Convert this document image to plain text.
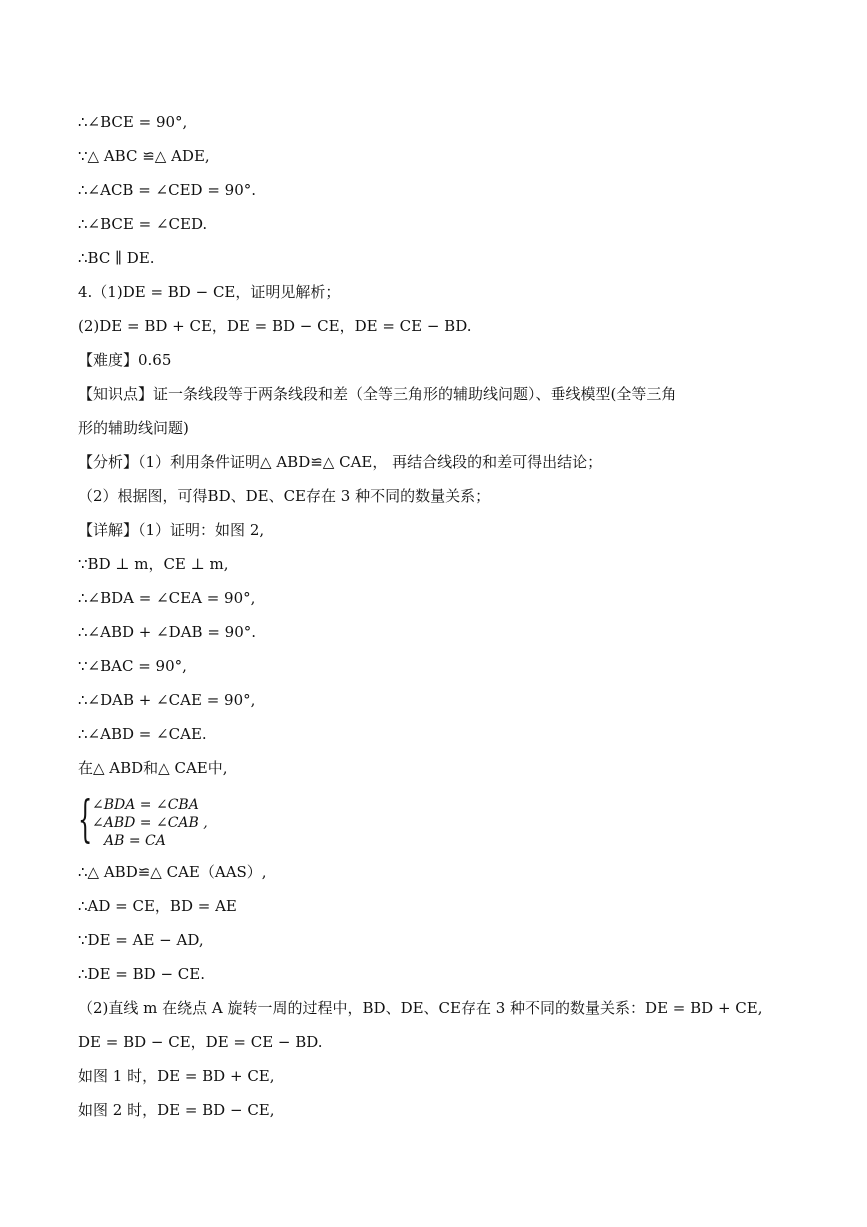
∴∠BCE = 90°,
∵△ ABC ≌△ ADE,
∴∠ACB = ∠CED = 90°.
∴∠BCE = ∠CED.
∴BC ∥ DE.
4.（1)DE = BD − CE，证明见解析；
(2)DE = BD + CE，DE = BD − CE，DE = CE − BD.
【难度】0.65
【知识点】证一条线段等于两条线段和差（全等三角形的辅助线问题）、垂线模型(全等三角
形的辅助线问题)
【分析】（1）利用条件证明△ ABD≌△ CAE， 再结合线段的和差可得出结论；
（2）根据图，可得BD、DE、CE存在 3 种不同的数量关系；
【详解】（1）证明：如图 2,
∵BD ⊥ m，CE ⊥ m,
∴∠BDA = ∠CEA = 90°,
∴∠ABD + ∠DAB = 90°.
∵∠BAC = 90°,
∴∠DAB + ∠CAE = 90°,
∴∠ABD = ∠CAE.
在△ ABD和△ CAE中,
∴△ ABD≌△ CAE（AAS）,
∴AD = CE，BD = AE
∵DE = AE − AD,
∴DE = BD − CE.
（2)直线 m 在绕点 A 旋转一周的过程中，BD、DE、CE存在 3 种不同的数量关系：DE = BD + CE,
DE = BD − CE，DE = CE − BD.
如图 1 时，DE = BD + CE,
如图 2 时，DE = BD − CE,
{ ∠BDA = ∠CBA
∠ABD = ∠CAB ,
AB = CA
